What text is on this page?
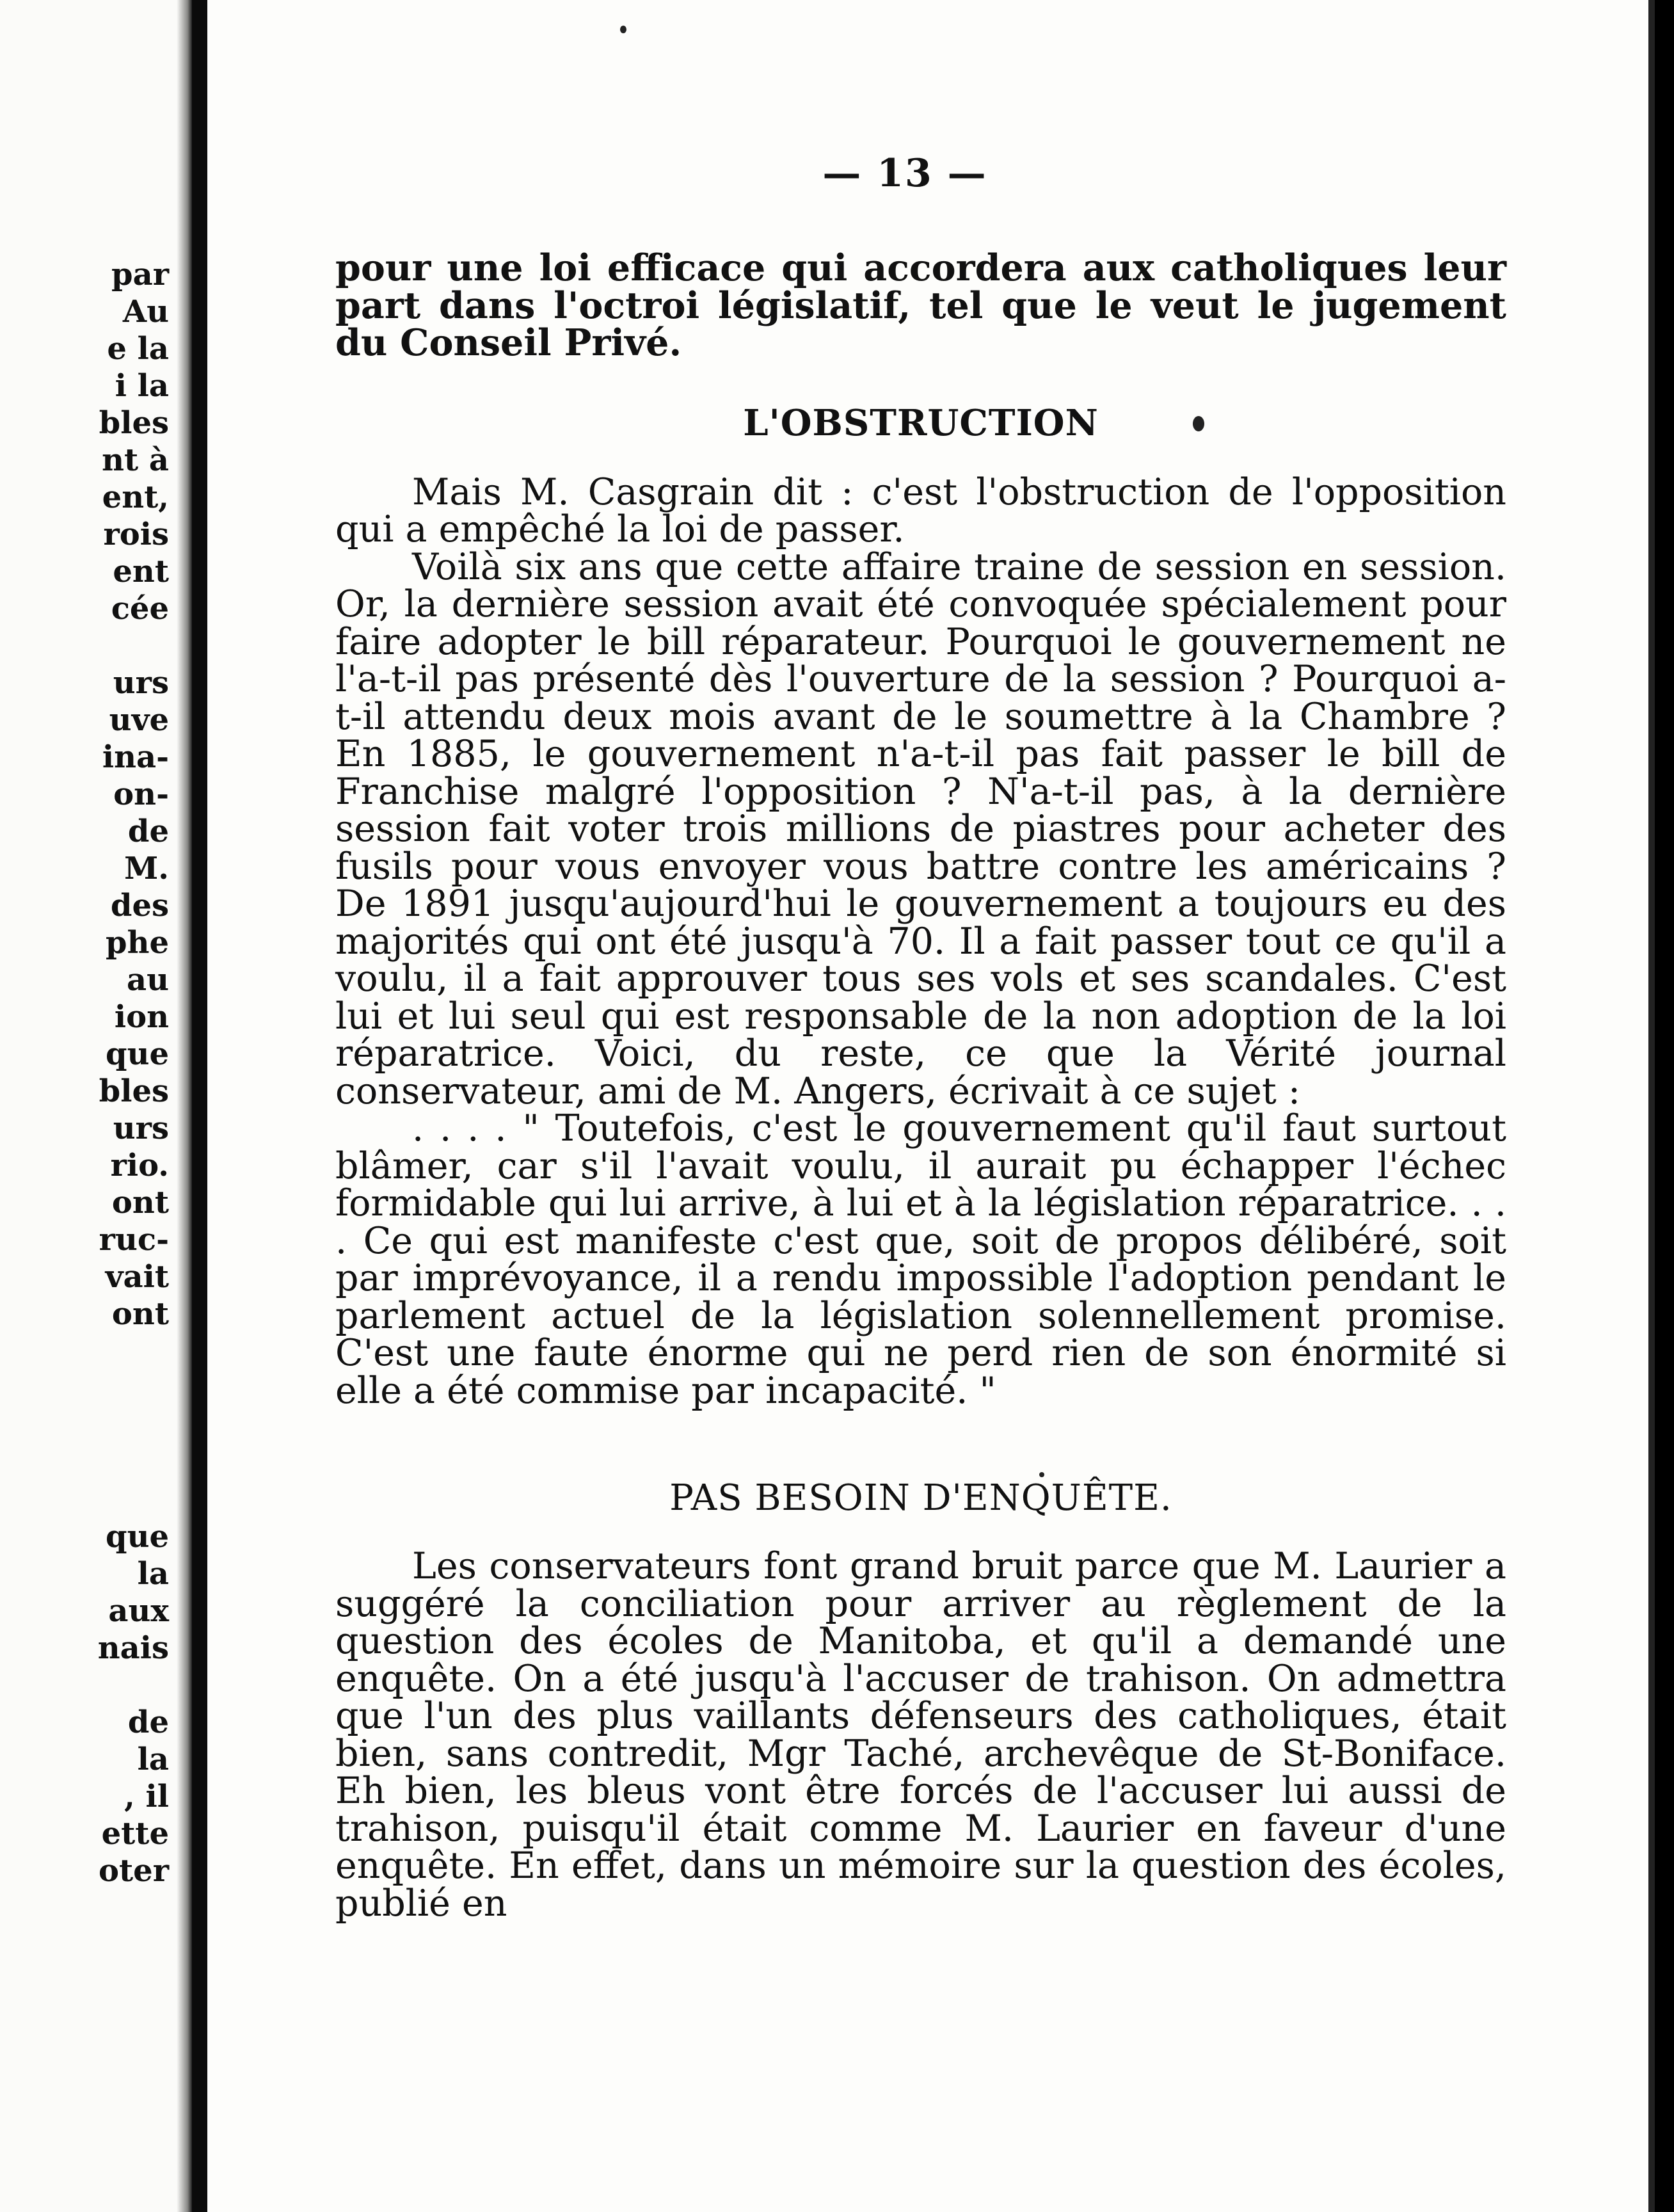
par
Au
e la
i la
bles
nt à
ent,
rois
ent
cée

urs
uve
ina-
on-
de
M.
des
phe
au
ion
que
bles
urs
rio.
ont
ruc-
vait
ont

que
la
aux
nais

de
la
, il
ette
oter
— 13 —

pour une loi efficace qui accordera aux catholiques leur part dans l'octroi législatif, tel que le veut le jugement du Conseil Privé.

L'OBSTRUCTION

Mais M. Casgrain dit : c'est l'obstruction de l'opposition qui a empêché la loi de passer.

Voilà six ans que cette affaire traine de session en session. Or, la dernière session avait été convoquée spécialement pour faire adopter le bill réparateur. Pourquoi le gouvernement ne l'a-t-il pas présenté dès l'ouverture de la session ? Pourquoi a-t-il attendu deux mois avant de le soumettre à la Chambre ? En 1885, le gouvernement n'a-t-il pas fait passer le bill de Franchise malgré l'opposition ? N'a-t-il pas, à la dernière session fait voter trois millions de piastres pour acheter des fusils pour vous envoyer vous battre contre les américains ? De 1891 jusqu'aujourd'hui le gouvernement a toujours eu des majorités qui ont été jusqu'à 70. Il a fait passer tout ce qu'il a voulu, il a fait approuver tous ses vols et ses scandales. C'est lui et lui seul qui est responsable de la non adoption de la loi réparatrice. Voici, du reste, ce que la Vérité journal conservateur, ami de M. Angers, écrivait à ce sujet :

. . . . " Toutefois, c'est le gouvernement qu'il faut surtout blâmer, car s'il l'avait voulu, il aurait pu échapper l'échec formidable qui lui arrive, à lui et à la législation réparatrice. . . . Ce qui est manifeste c'est que, soit de propos délibéré, soit par imprévoyance, il a rendu impossible l'adoption pendant le parlement actuel de la législation solennellement promise. C'est une faute énorme qui ne perd rien de son énormité si elle a été commise par incapacité. "

PAS BESOIN D'ENQUÊTE.

Les conservateurs font grand bruit parce que M. Laurier a suggéré la conciliation pour arriver au règlement de la question des écoles de Manitoba, et qu'il a demandé une enquête. On a été jusqu'à l'accuser de trahison. On admettra que l'un des plus vaillants défenseurs des catholiques, était bien, sans contredit, Mgr Taché, archevêque de St-Boniface. Eh bien, les bleus vont être forcés de l'accuser lui aussi de trahison, puisqu'il était comme M. Laurier en faveur d'une enquête. En effet, dans un mémoire sur la question des écoles, publié en
